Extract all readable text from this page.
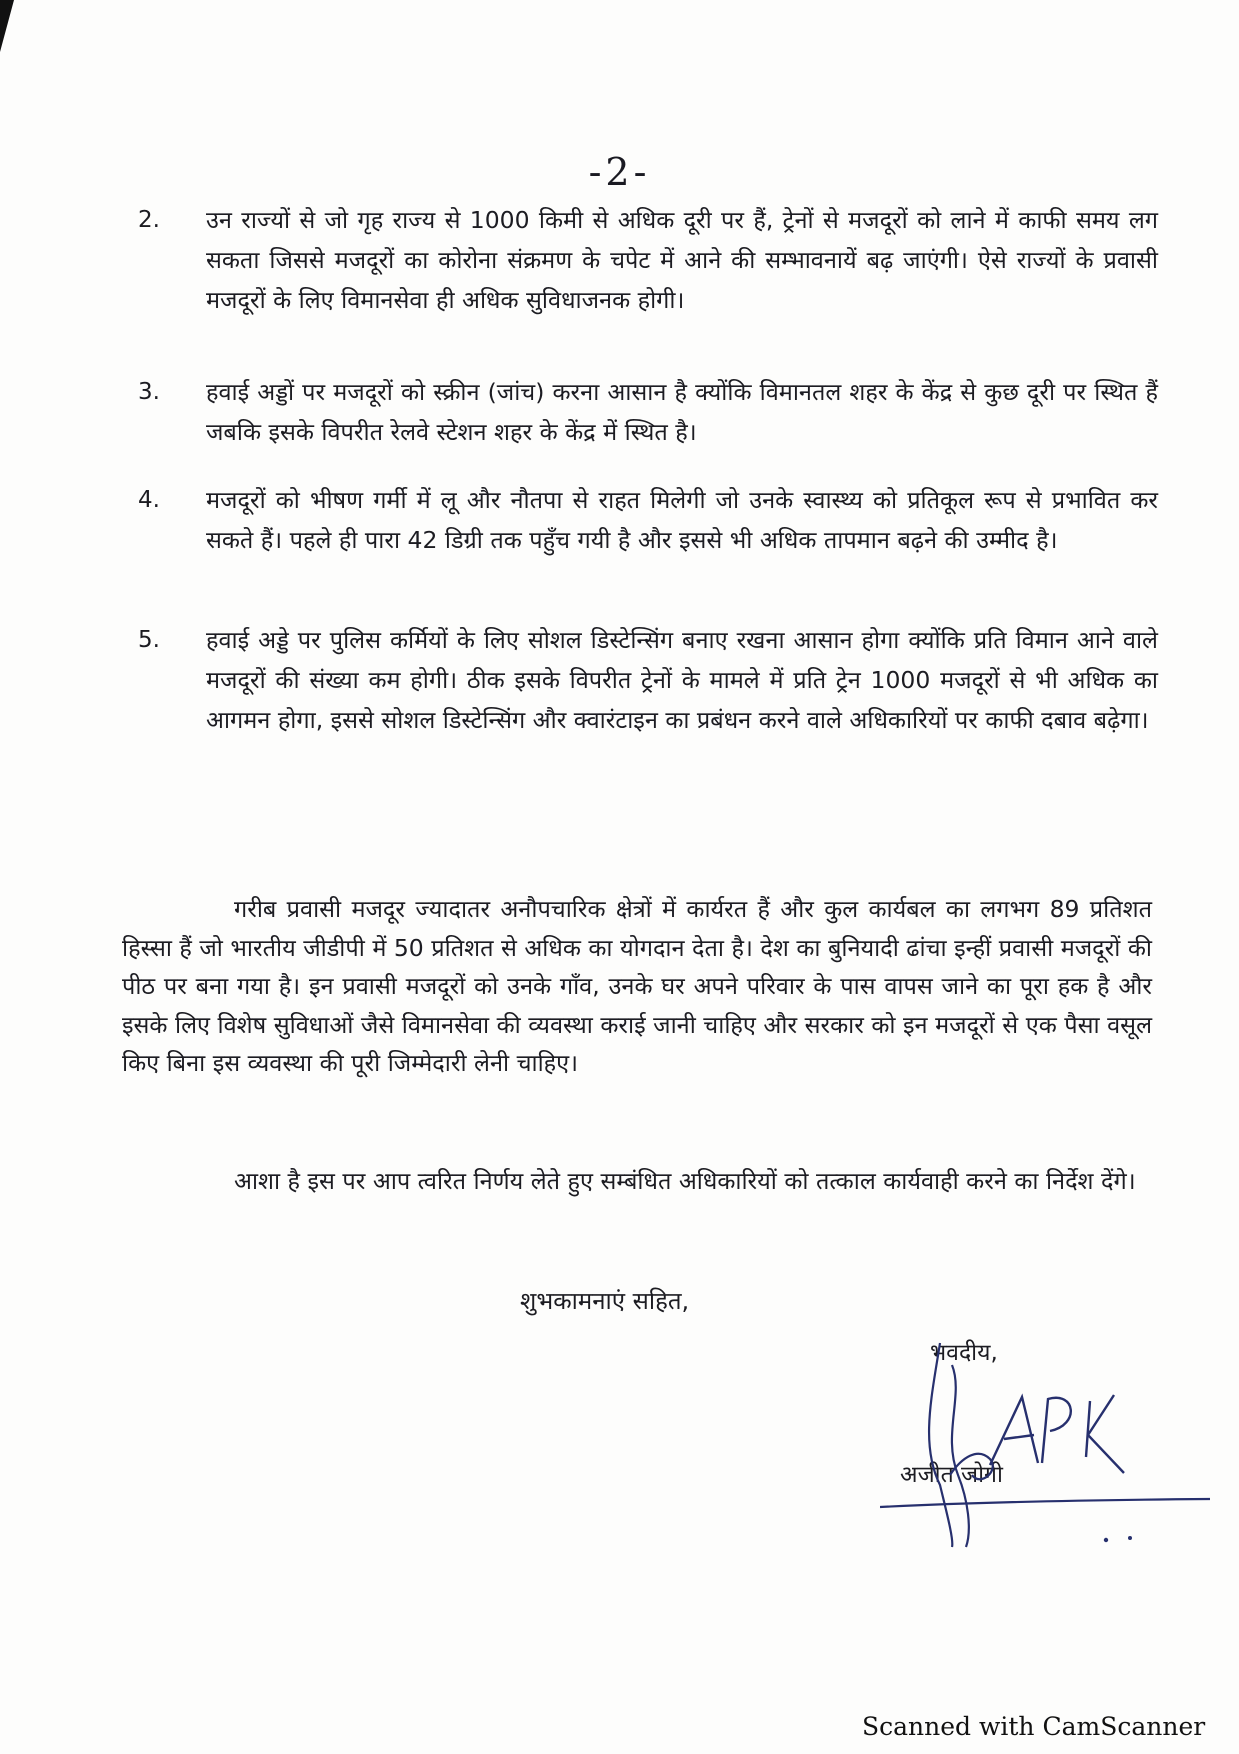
-2-
2. उन राज्यों से जो गृह राज्य से 1000 किमी से अधिक दूरी पर हैं, ट्रेनों से मजदूरों को लाने में काफी समय लग सकता जिससे मजदूरों का कोरोना संक्रमण के चपेट में आने की सम्भावनायें बढ़ जाएंगी। ऐसे राज्यों के प्रवासी मजदूरों के लिए विमानसेवा ही अधिक सुविधाजनक होगी।
3. हवाई अड्डों पर मजदूरों को स्क्रीन (जांच) करना आसान है क्योंकि विमानतल शहर के केंद्र से कुछ दूरी पर स्थित हैं जबकि इसके विपरीत रेलवे स्टेशन शहर के केंद्र में स्थित है।
4. मजदूरों को भीषण गर्मी में लू और नौतपा से राहत मिलेगी जो उनके स्वास्थ्य को प्रतिकूल रूप से प्रभावित कर सकते हैं। पहले ही पारा 42 डिग्री तक पहुँच गयी है और इससे भी अधिक तापमान बढ़ने की उम्मीद है।
5. हवाई अड्डे पर पुलिस कर्मियों के लिए सोशल डिस्टेन्सिंग बनाए रखना आसान होगा क्योंकि प्रति विमान आने वाले मजदूरों की संख्या कम होगी। ठीक इसके विपरीत ट्रेनों के मामले में प्रति ट्रेन 1000 मजदूरों से भी अधिक का आगमन होगा, इससे सोशल डिस्टेन्सिंग और क्वारंटाइन का प्रबंधन करने वाले अधिकारियों पर काफी दबाव बढ़ेगा।
गरीब प्रवासी मजदूर ज्यादातर अनौपचारिक क्षेत्रों में कार्यरत हैं और कुल कार्यबल का लगभग 89 प्रतिशत हिस्सा हैं जो भारतीय जीडीपी में 50 प्रतिशत से अधिक का योगदान देता है। देश का बुनियादी ढांचा इन्हीं प्रवासी मजदूरों की पीठ पर बना गया है। इन प्रवासी मजदूरों को उनके गाँव, उनके घर अपने परिवार के पास वापस जाने का पूरा हक है और इसके लिए विशेष सुविधाओं जैसे विमानसेवा की व्यवस्था कराई जानी चाहिए और सरकार को इन मजदूरों से एक पैसा वसूल किए बिना इस व्यवस्था की पूरी जिम्मेदारी लेनी चाहिए।
आशा है इस पर आप त्वरित निर्णय लेते हुए सम्बंधित अधिकारियों को तत्काल कार्यवाही करने का निर्देश देंगे।
शुभकामनाएं सहित,
भवदीय,
अजीत जोगी
Scanned with CamScanner
